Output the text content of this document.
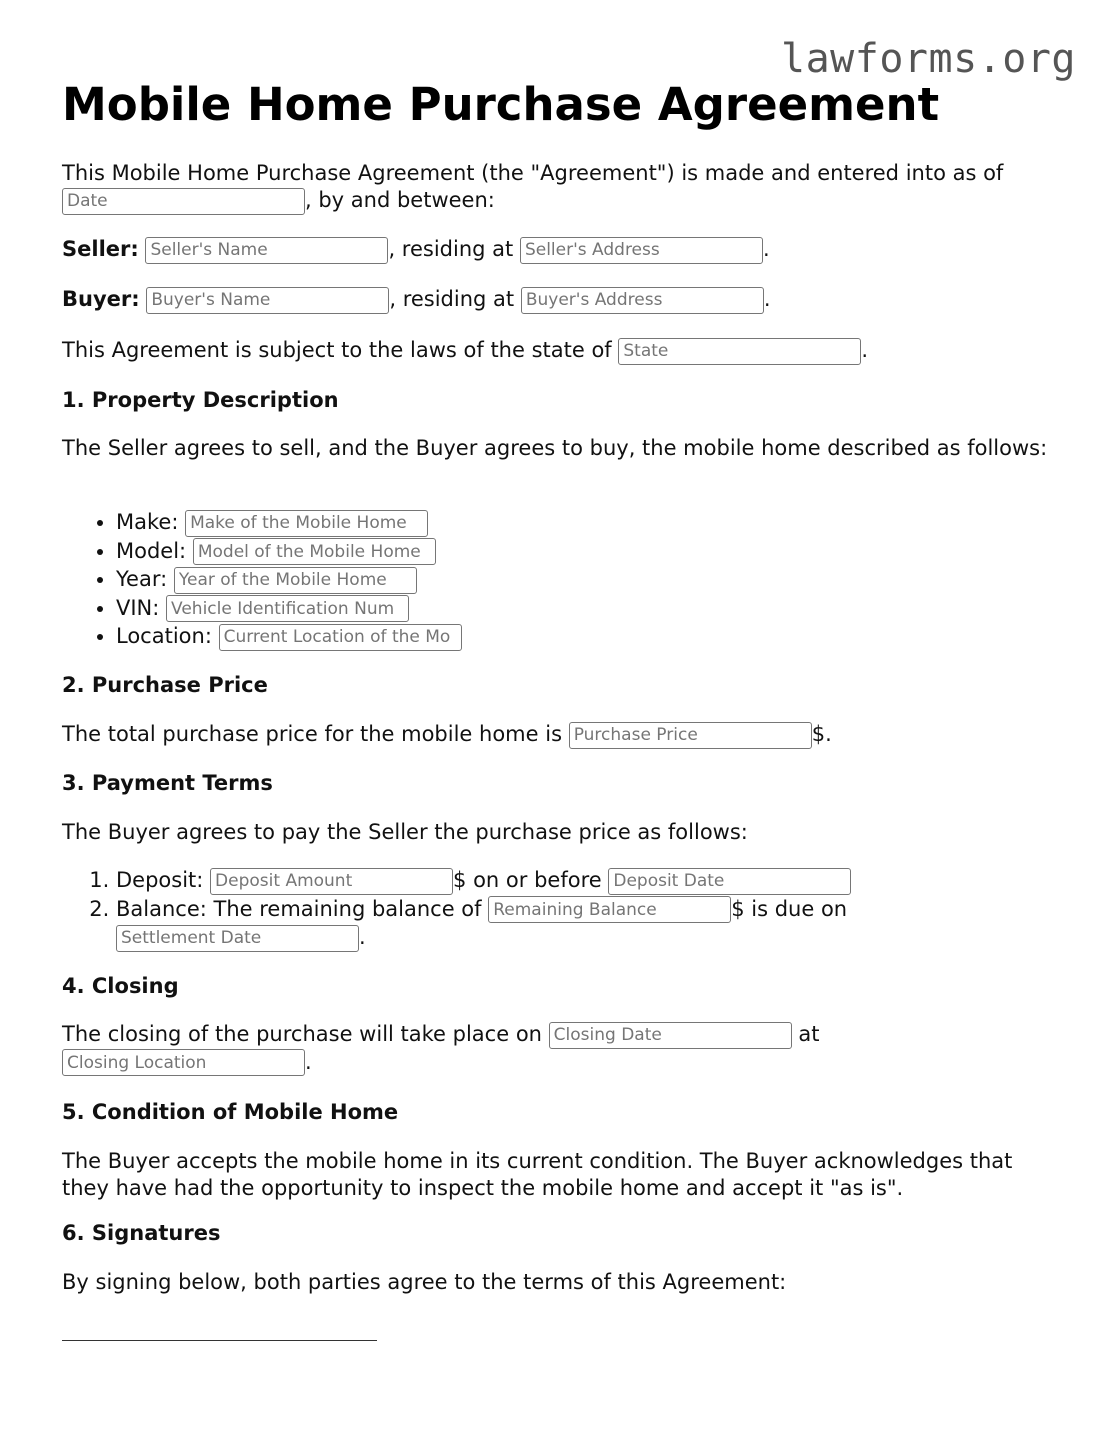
lawforms.org
Mobile Home Purchase Agreement
This Mobile Home Purchase Agreement (the "Agreement") is made and entered into as of
Date, by and between:
Seller: Seller's Name	, residing at Seller's Address	.
Buyer: Buyer's Name	, residing at Buyer's Address	.
This Agreement is subject to the laws of the state of State	.
1. Property Description
The Seller agrees to sell, and the Buyer agrees to buy, the mobile home described as follows:
• Make: Make of the Mobile Home
• Model: Model of the Mobile Home
• Year: Year of the Mobile Home
• VIN: Vehicle Identification Num
• Location: Current Location of the Mo
2. Purchase Price
The total purchase price for the mobile home is Purchase Price	$.
3. Payment Terms
The Buyer agrees to pay the Seller the purchase price as follows:
1. Deposit: Deposit Amount	$ on or before Deposit Date
2. Balance: The remaining balance of Remaining Balance	$ is due on
Settlement Date.
4. Closing
The closing of the purchase will take place on Closing Date	at
Closing Location.
5. Condition of Mobile Home
The Buyer accepts the mobile home in its current condition. The Buyer acknowledges that they have had the opportunity to inspect the mobile home and accept it "as is".
6. Signatures
By signing below, both parties agree to the terms of this Agreement:
